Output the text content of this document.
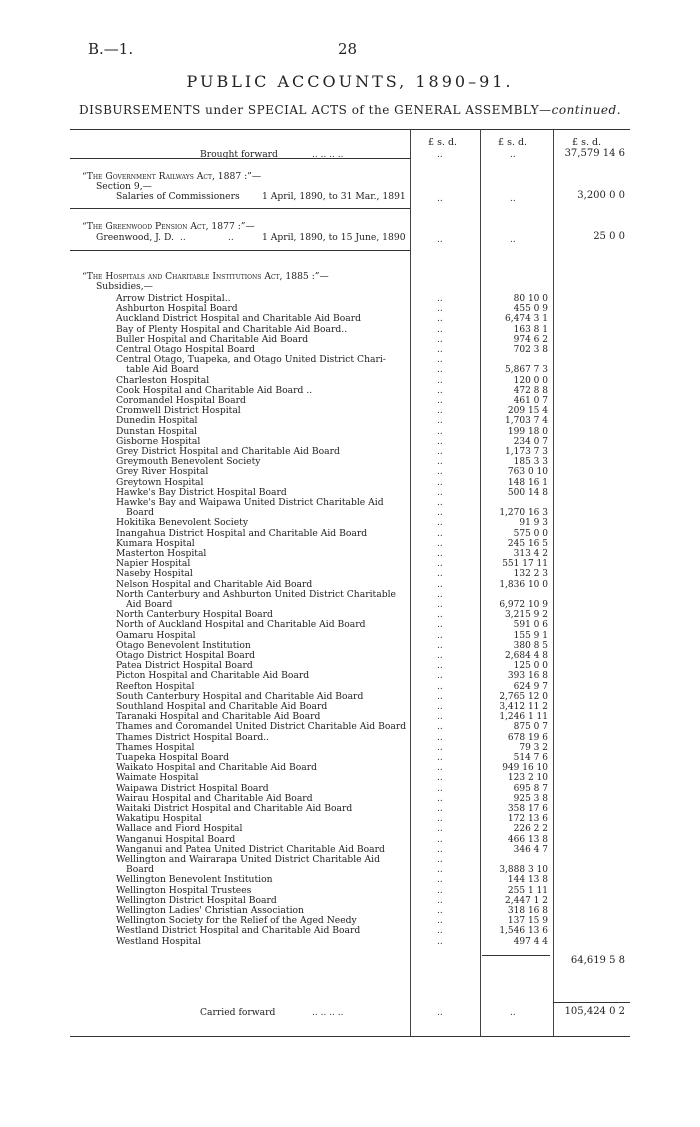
B.—1.	28
PUBLIC ACCOUNTS, 1890–91.
DISBURSEMENTS under SPECIAL ACTS of the GENERAL ASSEMBLY—continued.
£ s. d.	£ s. d.	£ s. d.
Brought forward	.. .. .. ..	..	..	37,579 14 6
“The Government Railways Act, 1887 :”—
Section 9,—
Salaries of Commissioners 1 April, 1890, to 31 Mar., 1891	..	..	3,200 0 0
“The Greenwood Pension Act, 1877 :”—
Greenwood, J. D. ..	..	1 April, 1890, to 15 June, 1890	..	..	25 0 0
“The Hospitals and Charitable Institutions Act, 1885 :”—
Subsidies,—
Arrow District Hospital..	..	80 10 0
Ashburton Hospital Board	..	455 0 9
Auckland District Hospital and Charitable Aid Board	..	6,474 3 1
Bay of Plenty Hospital and Charitable Aid Board..	..	163 8 1
Buller Hospital and Charitable Aid Board	..	974 6 2
Central Otago Hospital Board	..	702 3 8
Central Otago, Tuapeka, and Otago United District Chari-	..
table Aid Board	..	5,867 7 3
Charleston Hospital	..	120 0 0
Cook Hospital and Charitable Aid Board ..	..	472 8 8
Coromandel Hospital Board	..	461 0 7
Cromwell District Hospital	..	209 15 4
Dunedin Hospital	..	1,703 7 4
Dunstan Hospital	..	199 18 0
Gisborne Hospital	..	234 0 7
Grey District Hospital and Charitable Aid Board	..	1,173 7 3
Greymouth Benevolent Society	..	185 3 3
Grey River Hospital	..	763 0 10
Greytown Hospital	..	148 16 1
Hawke's Bay District Hospital Board	..	500 14 8
Hawke's Bay and Waipawa United District Charitable Aid	..
Board	..	1,270 16 3
Hokitika Benevolent Society	..	91 9 3
Inangahua District Hospital and Charitable Aid Board	..	575 0 0
Kumara Hospital	..	245 16 5
Masterton Hospital	..	313 4 2
Napier Hospital	..	551 17 11
Naseby Hospital	..	132 2 3
Nelson Hospital and Charitable Aid Board	..	1,836 10 0
North Canterbury and Ashburton United District Charitable	..
Aid Board	..	6,972 10 9
North Canterbury Hospital Board	..	3,215 9 2
North of Auckland Hospital and Charitable Aid Board	..	591 0 6
Oamaru Hospital	..	155 9 1
Otago Benevolent Institution	..	380 8 5
Otago District Hospital Board	..	2,684 4 8
Patea District Hospital Board	..	125 0 0
Picton Hospital and Charitable Aid Board	..	393 16 8
Reefton Hospital	..	624 9 7
South Canterbury Hospital and Charitable Aid Board	..	2,765 12 0
Southland Hospital and Charitable Aid Board	..	3,412 11 2
Taranaki Hospital and Charitable Aid Board	..	1,246 1 11
Thames and Coromandel United District Charitable Aid Board	..	875 0 7
Thames District Hospital Board..	..	678 19 6
Thames Hospital	..	79 3 2
Tuapeka Hospital Board	..	514 7 6
Waikato Hospital and Charitable Aid Board	..	949 16 10
Waimate Hospital	..	123 2 10
Waipawa District Hospital Board	..	695 8 7
Wairau Hospital and Charitable Aid Board	..	925 3 8
Waitaki District Hospital and Charitable Aid Board	..	358 17 6
Wakatipu Hospital	..	172 13 6
Wallace and Fiord Hospital	..	226 2 2
Wanganui Hospital Board	..	466 13 8
Wanganui and Patea United District Charitable Aid Board	..	346 4 7
Wellington and Wairarapa United District Charitable Aid	..
Board	..	3,888 3 10
Wellington Benevolent Institution	..	144 13 8
Wellington Hospital Trustees	..	255 1 11
Wellington District Hospital Board	..	2,447 1 2
Wellington Ladies' Christian Association	..	318 16 8
Wellington Society for the Relief of the Aged Needy	..	137 15 9
Westland District Hospital and Charitable Aid Board	..	1,546 13 6
Westland Hospital	..	497 4 4
64,619 5 8
Carried forward	.. .. .. ..	..	..	105,424 0 2
